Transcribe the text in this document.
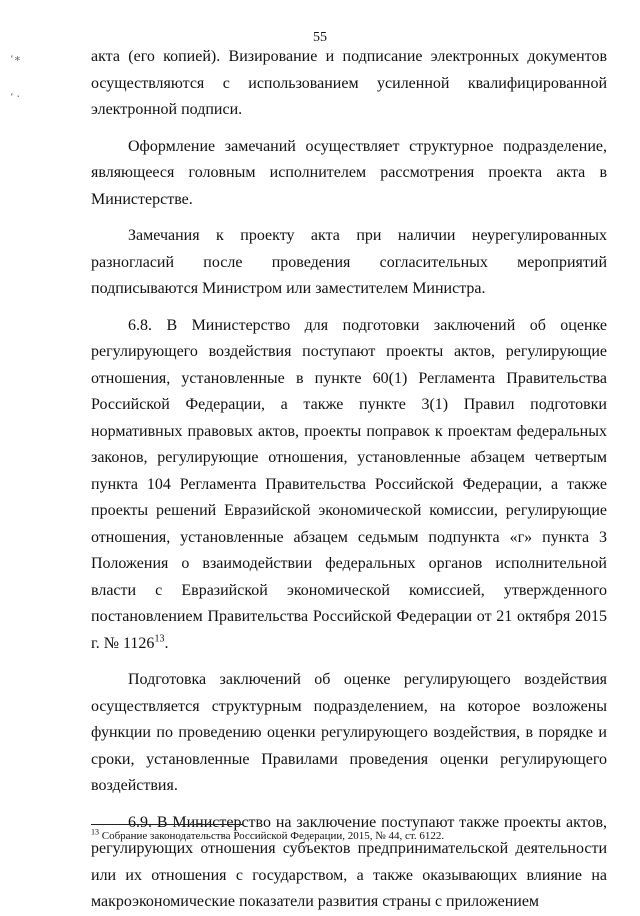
55
‘∗
‘ ⋅

акта (его копией). Визирование и подписание электронных документов осуществляются с использованием усиленной квалифицированной электронной подписи.

Оформление замечаний осуществляет структурное подразделение, являющееся головным исполнителем рассмотрения проекта акта в Министерстве.

Замечания к проекту акта при наличии неурегулированных разногласий после проведения согласительных мероприятий подписываются Министром или заместителем Министра.

6.8. В Министерство для подготовки заключений об оценке регулирующего воздействия поступают проекты актов, регулирующие отношения, установленные в пункте 60(1) Регламента Правительства Российской Федерации, а также пункте 3(1) Правил подготовки нормативных правовых актов, проекты поправок к проектам федеральных законов, регулирующие отношения, установленные абзацем четвертым пункта 104 Регламента Правительства Российской Федерации, а также проекты решений Евразийской экономической комиссии, регулирующие отношения, установленные абзацем седьмым подпункта «г» пункта 3 Положения о взаимодействии федеральных органов исполнительной власти с Евразийской экономической комиссией, утвержденного постановлением Правительства Российской Федерации от 21 октября 2015 г. № 1126$^{13}$.

Подготовка заключений об оценке регулирующего воздействия осуществляется структурным подразделением, на которое возложены функции по проведению оценки регулирующего воздействия, в порядке и сроки, установленные Правилами проведения оценки регулирующего воздействия.

6.9. В Министерство на заключение поступают также проекты актов, регулирующих отношения субъектов предпринимательской деятельности или их отношения с государством, а также оказывающих влияние на макроэкономические показатели развития страны с приложением

$^{13}$ Собрание законодательства Российской Федерации, 2015, № 44, ст. 6122.
